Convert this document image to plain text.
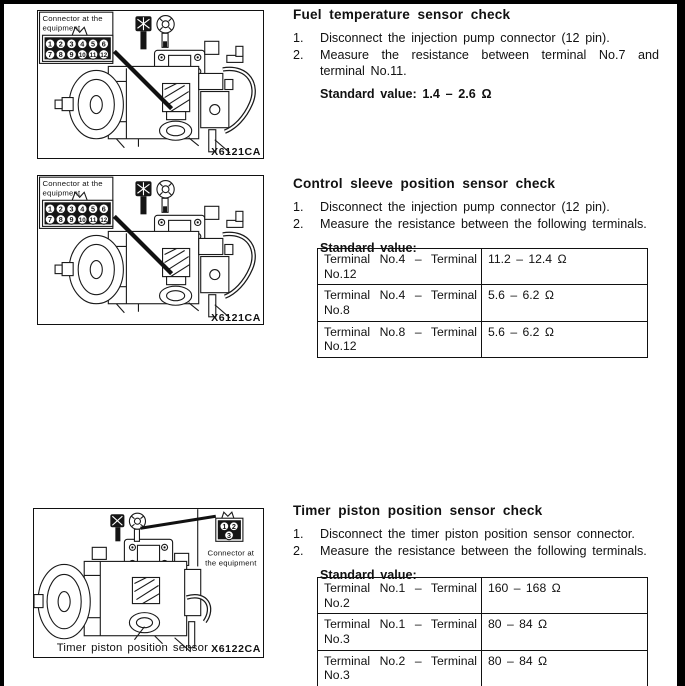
X6121CA
X6121CA
1 2
3
Connector at
the equipment
Timer piston position sensor X6122CA
Fuel temperature sensor check
1.	Disconnect the injection pump connector (12 pin).
2.	Measure the resistance between terminal No.7 and terminal No.11.
Standard value: 1.4 – 2.6 Ω
Control sleeve position sensor check
1.	Disconnect the injection pump connector (12 pin).
2.	Measure the resistance between the following terminals.
Standard value:
Terminal No.4 – Terminal No.12	11.2 – 12.4 Ω
Terminal No.4 – Terminal No.8	5.6 – 6.2 Ω
Terminal No.8 – Terminal No.12	5.6 – 6.2 Ω
Timer piston position sensor check
1.	Disconnect the timer piston position sensor connector.
2.	Measure the resistance between the following terminals.
Standard value:
Terminal No.1 – Terminal No.2	160 – 168 Ω
Terminal No.1 – Terminal No.3	80 – 84 Ω
Terminal No.2 – Terminal No.3	80 – 84 Ω
